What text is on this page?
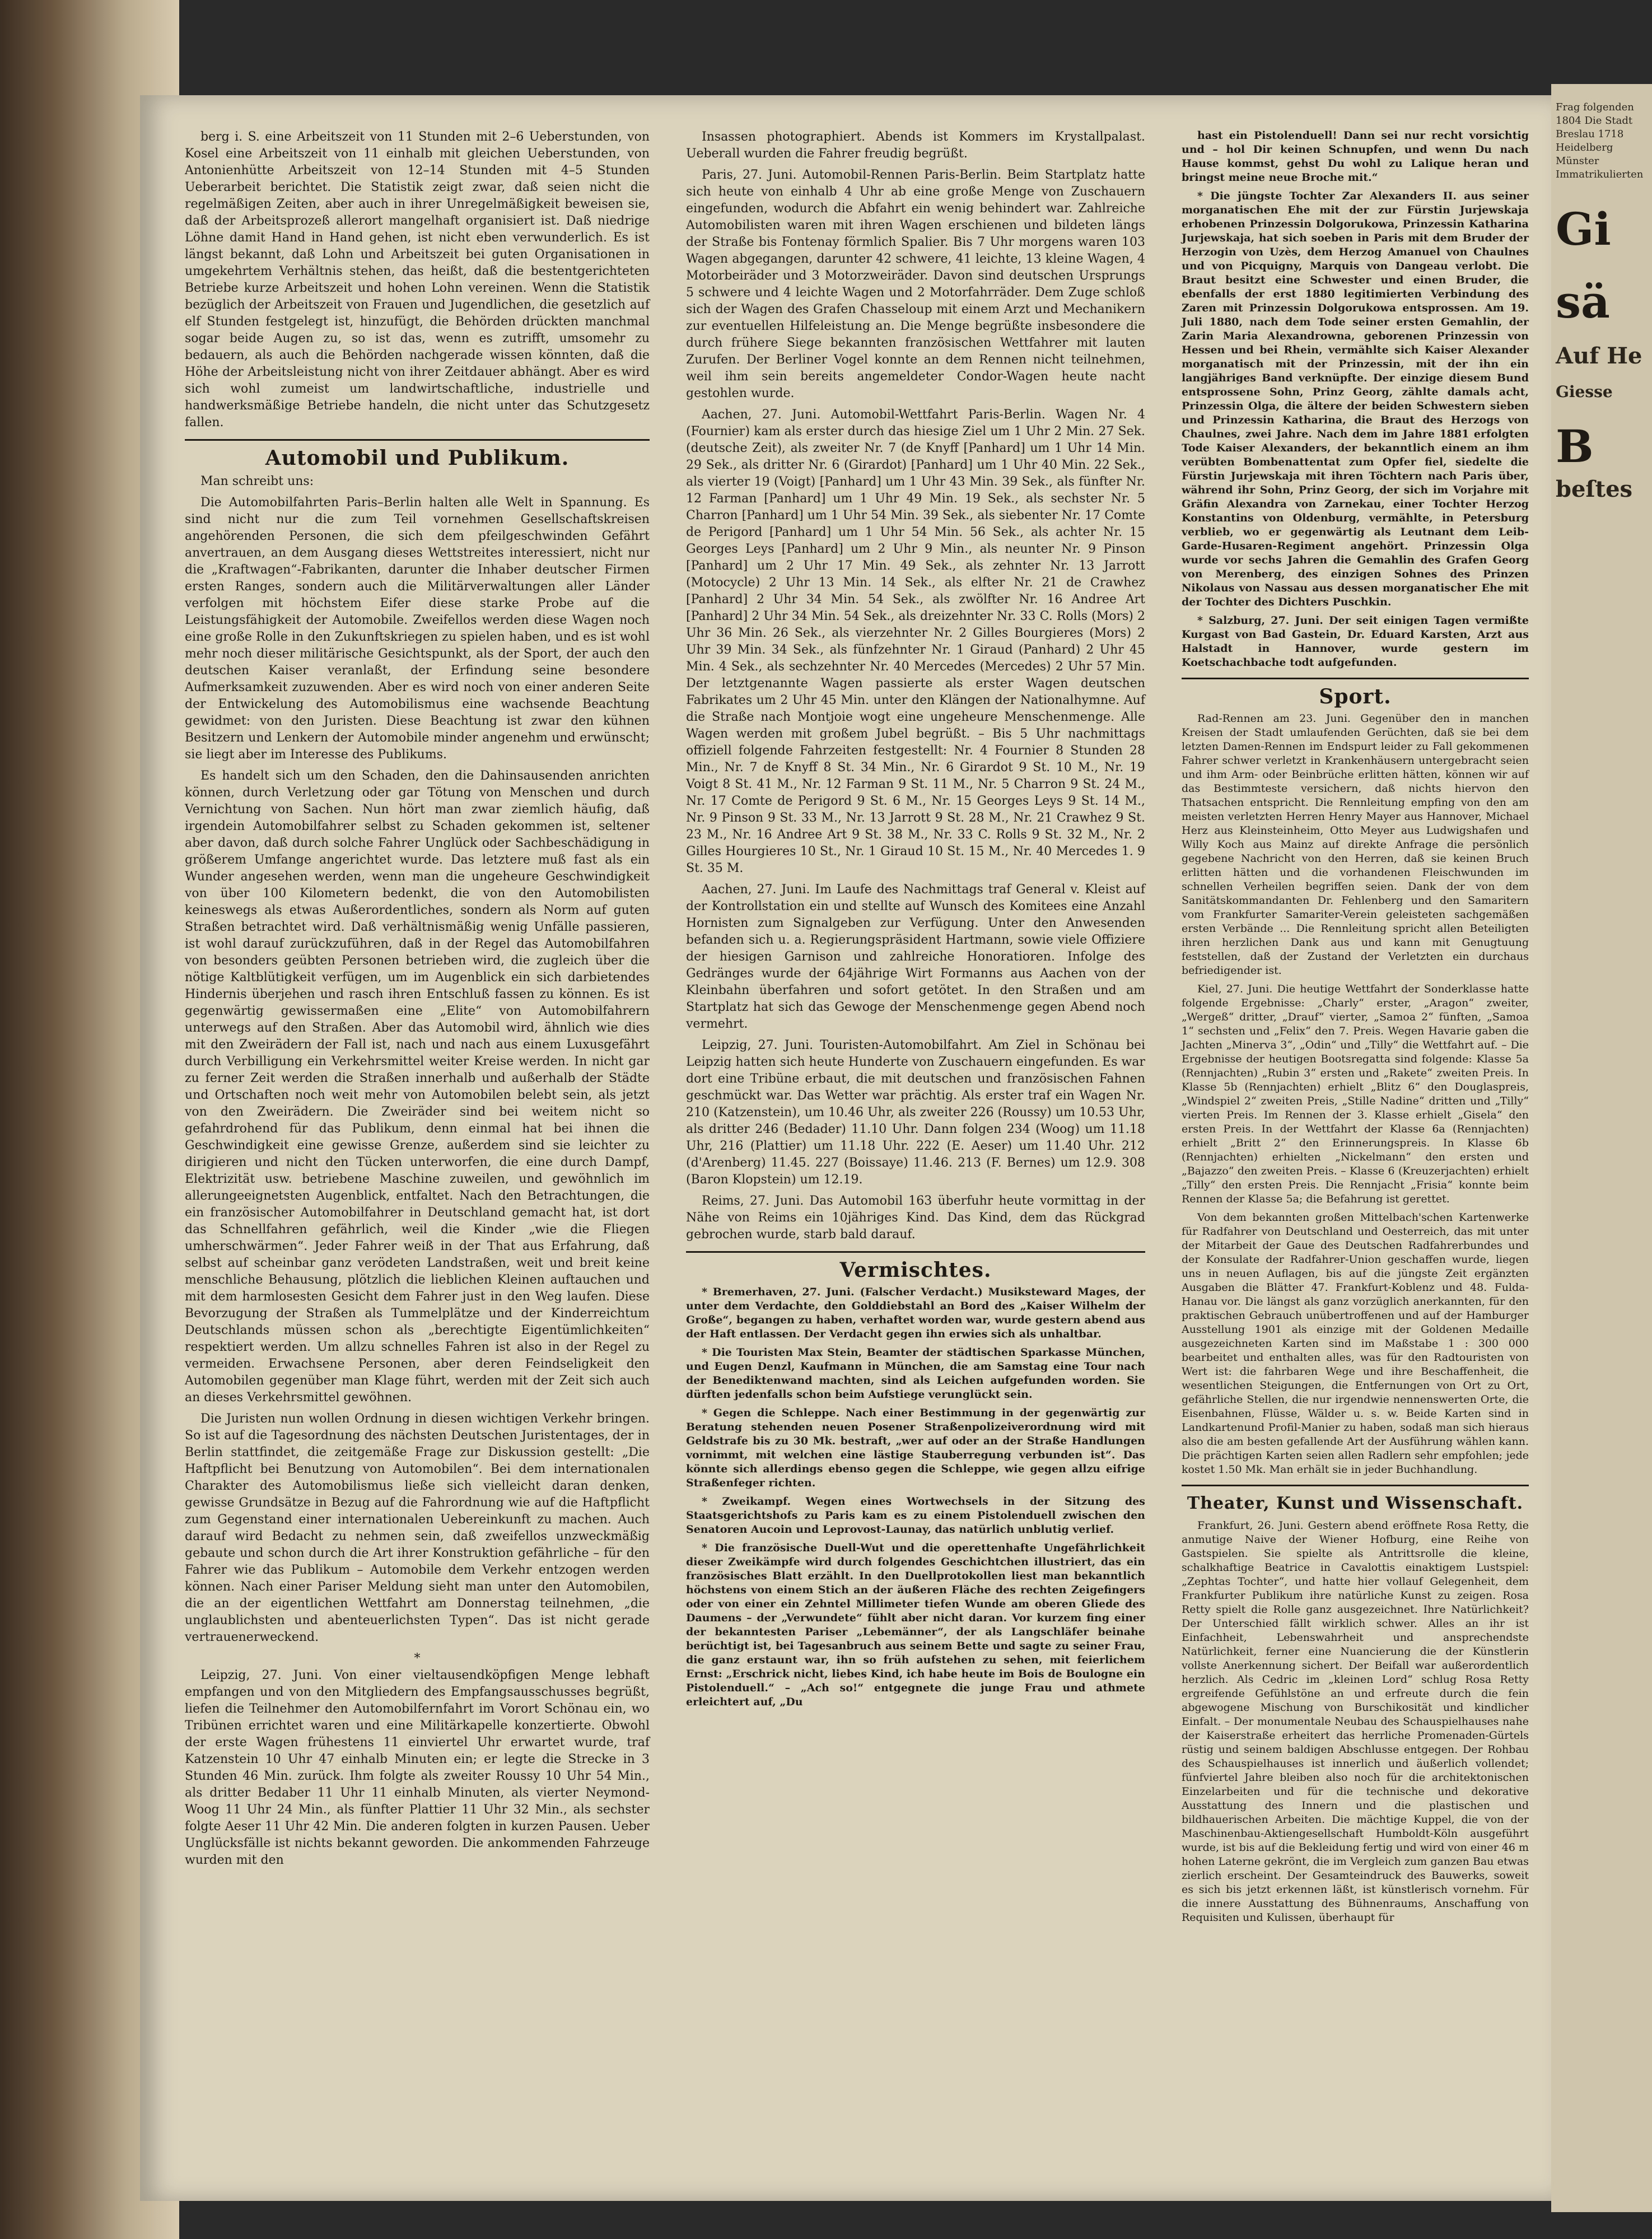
berg i. S. eine Arbeitszeit von 11 Stunden mit 2–6 Ueberstunden, von Kosel eine Arbeitszeit von 11 einhalb mit gleichen Ueberstunden, von Antonienhütte Arbeitszeit von 12–14 Stunden mit 4–5 Stunden Ueberarbeit berichtet. Die Statistik zeigt zwar, daß seien nicht die regelmäßigen Zeiten, aber auch in ihrer Unregelmäßigkeit beweisen sie, daß der Arbeitsprozeß allerort mangelhaft organisiert ist. Daß niedrige Löhne damit Hand in Hand gehen, ist nicht eben verwunderlich. Es ist längst bekannt, daß Lohn und Arbeitszeit bei guten Organisationen in umgekehrtem Verhältnis stehen, das heißt, daß die bestentgerichteten Betriebe kurze Arbeitszeit und hohen Lohn vereinen. Wenn die Statistik bezüglich der Arbeitszeit von Frauen und Jugendlichen, die gesetzlich auf elf Stunden festgelegt ist, hinzufügt, die Behörden drückten manchmal sogar beide Augen zu, so ist das, wenn es zutrifft, umsomehr zu bedauern, als auch die Behörden nachgerade wissen könnten, daß die Höhe der Arbeitsleistung nicht von ihrer Zeitdauer abhängt. Aber es wird sich wohl zumeist um landwirtschaftliche, industrielle und handwerksmäßige Betriebe handeln, die nicht unter das Schutzgesetz fallen.

Automobil und Publikum.

Man schreibt uns:

Die Automobilfahrten Paris–Berlin halten alle Welt in Spannung. Es sind nicht nur die zum Teil vornehmen Gesellschaftskreisen angehörenden Personen, die sich dem pfeilgeschwinden Gefährt anvertrauen, an dem Ausgang dieses Wettstreites interessiert, nicht nur die „Kraftwagen“-Fabrikanten, darunter die Inhaber deutscher Firmen ersten Ranges, sondern auch die Militärverwaltungen aller Länder verfolgen mit höchstem Eifer diese starke Probe auf die Leistungsfähigkeit der Automobile. Zweifellos werden diese Wagen noch eine große Rolle in den Zukunftskriegen zu spielen haben, und es ist wohl mehr noch dieser militärische Gesichtspunkt, als der Sport, der auch den deutschen Kaiser veranlaßt, der Erfindung seine besondere Aufmerksamkeit zuzuwenden. Aber es wird noch von einer anderen Seite der Entwickelung des Automobilismus eine wachsende Beachtung gewidmet: von den Juristen. Diese Beachtung ist zwar den kühnen Besitzern und Lenkern der Automobile minder angenehm und erwünscht; sie liegt aber im Interesse des Publikums.

Es handelt sich um den Schaden, den die Dahinsausenden anrichten können, durch Verletzung oder gar Tötung von Menschen und durch Vernichtung von Sachen. Nun hört man zwar ziemlich häufig, daß irgendein Automobilfahrer selbst zu Schaden gekommen ist, seltener aber davon, daß durch solche Fahrer Unglück oder Sachbeschädigung in größerem Umfange angerichtet wurde. Das letztere muß fast als ein Wunder angesehen werden, wenn man die ungeheure Geschwindigkeit von über 100 Kilometern bedenkt, die von den Automobilisten keineswegs als etwas Außerordentliches, sondern als Norm auf guten Straßen betrachtet wird. Daß verhältnismäßig wenig Unfälle passieren, ist wohl darauf zurückzuführen, daß in der Regel das Automobilfahren von besonders geübten Personen betrieben wird, die zugleich über die nötige Kaltblütigkeit verfügen, um im Augenblick ein sich darbietendes Hindernis überjehen und rasch ihren Entschluß fassen zu können. Es ist gegenwärtig gewissermaßen eine „Elite“ von Automobilfahrern unterwegs auf den Straßen. Aber das Automobil wird, ähnlich wie dies mit den Zweirädern der Fall ist, nach und nach aus einem Luxusgefährt durch Verbilligung ein Verkehrsmittel weiter Kreise werden. In nicht gar zu ferner Zeit werden die Straßen innerhalb und außerhalb der Städte und Ortschaften noch weit mehr von Automobilen belebt sein, als jetzt von den Zweirädern. Die Zweiräder sind bei weitem nicht so gefahrdrohend für das Publikum, denn einmal hat bei ihnen die Geschwindigkeit eine gewisse Grenze, außerdem sind sie leichter zu dirigieren und nicht den Tücken unterworfen, die eine durch Dampf, Elektrizität usw. betriebene Maschine zuweilen, und gewöhnlich im allerungeeignetsten Augenblick, entfaltet. Nach den Betrachtungen, die ein französischer Automobilfahrer in Deutschland gemacht hat, ist dort das Schnellfahren gefährlich, weil die Kinder „wie die Fliegen umherschwärmen“. Jeder Fahrer weiß in der That aus Erfahrung, daß selbst auf scheinbar ganz verödeten Landstraßen, weit und breit keine menschliche Behausung, plötzlich die lieblichen Kleinen auftauchen und mit dem harmlosesten Gesicht dem Fahrer just in den Weg laufen. Diese Bevorzugung der Straßen als Tummelplätze und der Kinderreichtum Deutschlands müssen schon als „berechtigte Eigentümlichkeiten“ respektiert werden. Um allzu schnelles Fahren ist also in der Regel zu vermeiden. Erwachsene Personen, aber deren Feindseligkeit den Automobilen gegenüber man Klage führt, werden mit der Zeit sich auch an dieses Verkehrsmittel gewöhnen.

Die Juristen nun wollen Ordnung in diesen wichtigen Verkehr bringen. So ist auf die Tagesordnung des nächsten Deutschen Juristentages, der in Berlin stattfindet, die zeitgemäße Frage zur Diskussion gestellt: „Die Haftpflicht bei Benutzung von Automobilen“. Bei dem internationalen Charakter des Automobilismus ließe sich vielleicht daran denken, gewisse Grundsätze in Bezug auf die Fahrordnung wie auf die Haftpflicht zum Gegenstand einer internationalen Uebereinkunft zu machen. Auch darauf wird Bedacht zu nehmen sein, daß zweifellos unzweckmäßig gebaute und schon durch die Art ihrer Konstruktion gefährliche – für den Fahrer wie das Publikum – Automobile dem Verkehr entzogen werden können. Nach einer Pariser Meldung sieht man unter den Automobilen, die an der eigentlichen Wettfahrt am Donnerstag teilnehmen, „die unglaublichsten und abenteuerlichsten Typen“. Das ist nicht gerade vertrauenerweckend.

*

Leipzig, 27. Juni. Von einer vieltausendköpfigen Menge lebhaft empfangen und von den Mitgliedern des Empfangsausschusses begrüßt, liefen die Teilnehmer den Automobilfernfahrt im Vorort Schönau ein, wo Tribünen errichtet waren und eine Militärkapelle konzertierte. Obwohl der erste Wagen frühestens 11 einviertel Uhr erwartet wurde, traf Katzenstein 10 Uhr 47 einhalb Minuten ein; er legte die Strecke in 3 Stunden 46 Min. zurück. Ihm folgte als zweiter Roussy 10 Uhr 54 Min., als dritter Bedaber 11 Uhr 11 einhalb Minuten, als vierter Neymond-Woog 11 Uhr 24 Min., als fünfter Plattier 11 Uhr 32 Min., als sechster folgte Aeser 11 Uhr 42 Min. Die anderen folgten in kurzen Pausen. Ueber Unglücksfälle ist nichts bekannt geworden. Die ankommenden Fahrzeuge wurden mit den

Insassen photographiert. Abends ist Kommers im Krystallpalast. Ueberall wurden die Fahrer freudig begrüßt.

Paris, 27. Juni. Automobil-Rennen Paris-Berlin. Beim Startplatz hatte sich heute von einhalb 4 Uhr ab eine große Menge von Zuschauern eingefunden, wodurch die Abfahrt ein wenig behindert war. Zahlreiche Automobilisten waren mit ihren Wagen erschienen und bildeten längs der Straße bis Fontenay förmlich Spalier. Bis 7 Uhr morgens waren 103 Wagen abgegangen, darunter 42 schwere, 41 leichte, 13 kleine Wagen, 4 Motorbeiräder und 3 Motorzweiräder. Davon sind deutschen Ursprungs 5 schwere und 4 leichte Wagen und 2 Motorfahrräder. Dem Zuge schloß sich der Wagen des Grafen Chasseloup mit einem Arzt und Mechanikern zur eventuellen Hilfeleistung an. Die Menge begrüßte insbesondere die durch frühere Siege bekannten französischen Wettfahrer mit lauten Zurufen. Der Berliner Vogel konnte an dem Rennen nicht teilnehmen, weil ihm sein bereits angemeldeter Condor-Wagen heute nacht gestohlen wurde.

Aachen, 27. Juni. Automobil-Wettfahrt Paris-Berlin. Wagen Nr. 4 (Fournier) kam als erster durch das hiesige Ziel um 1 Uhr 2 Min. 27 Sek. (deutsche Zeit), als zweiter Nr. 7 (de Knyff [Panhard] um 1 Uhr 14 Min. 29 Sek., als dritter Nr. 6 (Girardot) [Panhard] um 1 Uhr 40 Min. 22 Sek., als vierter 19 (Voigt) [Panhard] um 1 Uhr 43 Min. 39 Sek., als fünfter Nr. 12 Farman [Panhard] um 1 Uhr 49 Min. 19 Sek., als sechster Nr. 5 Charron [Panhard] um 1 Uhr 54 Min. 39 Sek., als siebenter Nr. 17 Comte de Perigord [Panhard] um 1 Uhr 54 Min. 56 Sek., als achter Nr. 15 Georges Leys [Panhard] um 2 Uhr 9 Min., als neunter Nr. 9 Pinson [Panhard] um 2 Uhr 17 Min. 49 Sek., als zehnter Nr. 13 Jarrott (Motocycle) 2 Uhr 13 Min. 14 Sek., als elfter Nr. 21 de Crawhez [Panhard] 2 Uhr 34 Min. 54 Sek., als zwölfter Nr. 16 Andree Art [Panhard] 2 Uhr 34 Min. 54 Sek., als dreizehnter Nr. 33 C. Rolls (Mors) 2 Uhr 36 Min. 26 Sek., als vierzehnter Nr. 2 Gilles Bourgieres (Mors) 2 Uhr 39 Min. 34 Sek., als fünfzehnter Nr. 1 Giraud (Panhard) 2 Uhr 45 Min. 4 Sek., als sechzehnter Nr. 40 Mercedes (Mercedes) 2 Uhr 57 Min. Der letztgenannte Wagen passierte als erster Wagen deutschen Fabrikates um 2 Uhr 45 Min. unter den Klängen der Nationalhymne. Auf die Straße nach Montjoie wogt eine ungeheure Menschenmenge. Alle Wagen werden mit großem Jubel begrüßt. – Bis 5 Uhr nachmittags offiziell folgende Fahrzeiten festgestellt: Nr. 4 Fournier 8 Stunden 28 Min., Nr. 7 de Knyff 8 St. 34 Min., Nr. 6 Girardot 9 St. 10 M., Nr. 19 Voigt 8 St. 41 M., Nr. 12 Farman 9 St. 11 M., Nr. 5 Charron 9 St. 24 M., Nr. 17 Comte de Perigord 9 St. 6 M., Nr. 15 Georges Leys 9 St. 14 M., Nr. 9 Pinson 9 St. 33 M., Nr. 13 Jarrott 9 St. 28 M., Nr. 21 Crawhez 9 St. 23 M., Nr. 16 Andree Art 9 St. 38 M., Nr. 33 C. Rolls 9 St. 32 M., Nr. 2 Gilles Hourgieres 10 St., Nr. 1 Giraud 10 St. 15 M., Nr. 40 Mercedes 1. 9 St. 35 M.

Aachen, 27. Juni. Im Laufe des Nachmittags traf General v. Kleist auf der Kontrollstation ein und stellte auf Wunsch des Komitees eine Anzahl Hornisten zum Signalgeben zur Verfügung. Unter den Anwesenden befanden sich u. a. Regierungspräsident Hartmann, sowie viele Offiziere der hiesigen Garnison und zahlreiche Honoratioren. Infolge des Gedränges wurde der 64jährige Wirt Formanns aus Aachen von der Kleinbahn überfahren und sofort getötet. In den Straßen und am Startplatz hat sich das Gewoge der Menschenmenge gegen Abend noch vermehrt.

Leipzig, 27. Juni. Touristen-Automobilfahrt. Am Ziel in Schönau bei Leipzig hatten sich heute Hunderte von Zuschauern eingefunden. Es war dort eine Tribüne erbaut, die mit deutschen und französischen Fahnen geschmückt war. Das Wetter war prächtig. Als erster traf ein Wagen Nr. 210 (Katzenstein), um 10.46 Uhr, als zweiter 226 (Roussy) um 10.53 Uhr, als dritter 246 (Bedader) 11.10 Uhr. Dann folgen 234 (Woog) um 11.18 Uhr, 216 (Plattier) um 11.18 Uhr. 222 (E. Aeser) um 11.40 Uhr. 212 (d'Arenberg) 11.45. 227 (Boissaye) 11.46. 213 (F. Bernes) um 12.9. 308 (Baron Klopstein) um 12.19.

Reims, 27. Juni. Das Automobil 163 überfuhr heute vormittag in der Nähe von Reims ein 10jähriges Kind. Das Kind, dem das Rückgrad gebrochen wurde, starb bald darauf.

Vermischtes.

* Bremerhaven, 27. Juni. (Falscher Verdacht.) Musiksteward Mages, der unter dem Verdachte, den Golddiebstahl an Bord des „Kaiser Wilhelm der Große“, begangen zu haben, verhaftet worden war, wurde gestern abend aus der Haft entlassen. Der Verdacht gegen ihn erwies sich als unhaltbar.

* Die Touristen Max Stein, Beamter der städtischen Sparkasse München, und Eugen Denzl, Kaufmann in München, die am Samstag eine Tour nach der Benediktenwand machten, sind als Leichen aufgefunden worden. Sie dürften jedenfalls schon beim Aufstiege verunglückt sein.

* Gegen die Schleppe. Nach einer Bestimmung in der gegenwärtig zur Beratung stehenden neuen Posener Straßenpolizeiverordnung wird mit Geldstrafe bis zu 30 Mk. bestraft, „wer auf oder an der Straße Handlungen vornimmt, mit welchen eine lästige Stauberregung verbunden ist“. Das könnte sich allerdings ebenso gegen die Schleppe, wie gegen allzu eifrige Straßenfeger richten.

* Zweikampf. Wegen eines Wortwechsels in der Sitzung des Staatsgerichtshofs zu Paris kam es zu einem Pistolenduell zwischen den Senatoren Aucoin und Leprovost-Launay, das natürlich unblutig verlief.

* Die französische Duell-Wut und die operettenhafte Ungefährlichkeit dieser Zweikämpfe wird durch folgendes Geschichtchen illustriert, das ein französisches Blatt erzählt. In den Duellprotokollen liest man bekanntlich höchstens von einem Stich an der äußeren Fläche des rechten Zeigefingers oder von einer ein Zehntel Millimeter tiefen Wunde am oberen Gliede des Daumens – der „Verwundete“ fühlt aber nicht daran. Vor kurzem fing einer der bekanntesten Pariser „Lebemänner“, der als Langschläfer beinahe berüchtigt ist, bei Tagesanbruch aus seinem Bette und sagte zu seiner Frau, die ganz erstaunt war, ihn so früh aufstehen zu sehen, mit feierlichem Ernst: „Erschrick nicht, liebes Kind, ich habe heute im Bois de Boulogne ein Pistolenduell.“ – „Ach so!“ entgegnete die junge Frau und athmete erleichtert auf, „Du

hast ein Pistolenduell! Dann sei nur recht vorsichtig und – hol Dir keinen Schnupfen, und wenn Du nach Hause kommst, gehst Du wohl zu Lalique heran und bringst meine neue Broche mit.“

* Die jüngste Tochter Zar Alexanders II. aus seiner morganatischen Ehe mit der zur Fürstin Jurjewskaja erhobenen Prinzessin Dolgorukowa, Prinzessin Katharina Jurjewskaja, hat sich soeben in Paris mit dem Bruder der Herzogin von Uzès, dem Herzog Amanuel von Chaulnes und von Picquigny, Marquis von Dangeau verlobt. Die Braut besitzt eine Schwester und einen Bruder, die ebenfalls der erst 1880 legitimierten Verbindung des Zaren mit Prinzessin Dolgorukowa entsprossen. Am 19. Juli 1880, nach dem Tode seiner ersten Gemahlin, der Zarin Maria Alexandrowna, geborenen Prinzessin von Hessen und bei Rhein, vermählte sich Kaiser Alexander morganatisch mit der Prinzessin, mit der ihn ein langjähriges Band verknüpfte. Der einzige diesem Bund entsprossene Sohn, Prinz Georg, zählte damals acht, Prinzessin Olga, die ältere der beiden Schwestern sieben und Prinzessin Katharina, die Braut des Herzogs von Chaulnes, zwei Jahre. Nach dem im Jahre 1881 erfolgten Tode Kaiser Alexanders, der bekanntlich einem an ihm verübten Bombenattentat zum Opfer fiel, siedelte die Fürstin Jurjewskaja mit ihren Töchtern nach Paris über, während ihr Sohn, Prinz Georg, der sich im Vorjahre mit Gräfin Alexandra von Zarnekau, einer Tochter Herzog Konstantins von Oldenburg, vermählte, in Petersburg verblieb, wo er gegenwärtig als Leutnant dem Leib-Garde-Husaren-Regiment angehört. Prinzessin Olga wurde vor sechs Jahren die Gemahlin des Grafen Georg von Merenberg, des einzigen Sohnes des Prinzen Nikolaus von Nassau aus dessen morganatischer Ehe mit der Tochter des Dichters Puschkin.

* Salzburg, 27. Juni. Der seit einigen Tagen vermißte Kurgast von Bad Gastein, Dr. Eduard Karsten, Arzt aus Halstadt in Hannover, wurde gestern im Koetschachbache todt aufgefunden.

Sport.

Rad-Rennen am 23. Juni. Gegenüber den in manchen Kreisen der Stadt umlaufenden Gerüchten, daß sie bei dem letzten Damen-Rennen im Endspurt leider zu Fall gekommenen Fahrer schwer verletzt in Krankenhäusern untergebracht seien und ihm Arm- oder Beinbrüche erlitten hätten, können wir auf das Bestimmteste versichern, daß nichts hiervon den Thatsachen entspricht. Die Rennleitung empfing von den am meisten verletzten Herren Henry Mayer aus Hannover, Michael Herz aus Kleinsteinheim, Otto Meyer aus Ludwigshafen und Willy Koch aus Mainz auf direkte Anfrage die persönlich gegebene Nachricht von den Herren, daß sie keinen Bruch erlitten hätten und die vorhandenen Fleischwunden im schnellen Verheilen begriffen seien. Dank der von dem Sanitätskommandanten Dr. Fehlenberg und den Samaritern vom Frankfurter Samariter-Verein geleisteten sachgemäßen ersten Verbände ... Die Rennleitung spricht allen Beteiligten ihren herzlichen Dank aus und kann mit Genugtuung feststellen, daß der Zustand der Verletzten ein durchaus befriedigender ist.

Kiel, 27. Juni. Die heutige Wettfahrt der Sonderklasse hatte folgende Ergebnisse: „Charly“ erster, „Aragon“ zweiter, „Wergeß“ dritter, „Drauf“ vierter, „Samoa 2“ fünften, „Samoa 1“ sechsten und „Felix“ den 7. Preis. Wegen Havarie gaben die Jachten „Minerva 3“, „Odin“ und „Tilly“ die Wettfahrt auf. – Die Ergebnisse der heutigen Bootsregatta sind folgende: Klasse 5a (Rennjachten) „Rubin 3“ ersten und „Rakete“ zweiten Preis. In Klasse 5b (Rennjachten) erhielt „Blitz 6“ den Douglaspreis, „Windspiel 2“ zweiten Preis, „Stille Nadine“ dritten und „Tilly“ vierten Preis. Im Rennen der 3. Klasse erhielt „Gisela“ den ersten Preis. In der Wettfahrt der Klasse 6a (Rennjachten) erhielt „Britt 2“ den Erinnerungspreis. In Klasse 6b (Rennjachten) erhielten „Nickelmann“ den ersten und „Bajazzo“ den zweiten Preis. – Klasse 6 (Kreuzerjachten) erhielt „Tilly“ den ersten Preis. Die Rennjacht „Frisia“ konnte beim Rennen der Klasse 5a; die Befahrung ist gerettet.

Von dem bekannten großen Mittelbach'schen Kartenwerke für Radfahrer von Deutschland und Oesterreich, das mit unter der Mitarbeit der Gaue des Deutschen Radfahrerbundes und der Konsulate der Radfahrer-Union geschaffen wurde, liegen uns in neuen Auflagen, bis auf die jüngste Zeit ergänzten Ausgaben die Blätter 47. Frankfurt-Koblenz und 48. Fulda-Hanau vor. Die längst als ganz vorzüglich anerkannten, für den praktischen Gebrauch unübertroffenen und auf der Hamburger Ausstellung 1901 als einzige mit der Goldenen Medaille ausgezeichneten Karten sind im Maßstabe 1 : 300 000 bearbeitet und enthalten alles, was für den Radtouristen von Wert ist: die fahrbaren Wege und ihre Beschaffenheit, die wesentlichen Steigungen, die Entfernungen von Ort zu Ort, gefährliche Stellen, die nur irgendwie nennenswerten Orte, die Eisenbahnen, Flüsse, Wälder u. s. w. Beide Karten sind in Landkartenund Profil-Manier zu haben, sodaß man sich hieraus also die am besten gefallende Art der Ausführung wählen kann. Die prächtigen Karten seien allen Radlern sehr empfohlen; jede kostet 1.50 Mk. Man erhält sie in jeder Buchhandlung.

Theater, Kunst und Wissenschaft.

Frankfurt, 26. Juni. Gestern abend eröffnete Rosa Retty, die anmutige Naive der Wiener Hofburg, eine Reihe von Gastspielen. Sie spielte als Antrittsrolle die kleine, schalkhaftige Beatrice in Cavalottis einaktigem Lustspiel: „Zephtas Tochter“, und hatte hier vollauf Gelegenheit, dem Frankfurter Publikum ihre natürliche Kunst zu zeigen. Rosa Retty spielt die Rolle ganz ausgezeichnet. Ihre Natürlichkeit? Der Unterschied fällt wirklich schwer. Alles an ihr ist Einfachheit, Lebenswahrheit und ansprechendste Natürlichkeit, ferner eine Nuancierung die der Künstlerin vollste Anerkennung sichert. Der Beifall war außerordentlich herzlich. Als Cedric im „kleinen Lord“ schlug Rosa Retty ergreifende Gefühlstöne an und erfreute durch die fein abgewogene Mischung von Burschikosität und kindlicher Einfalt. – Der monumentale Neubau des Schauspielhauses nahe der Kaiserstraße erheitert das herrliche Promenaden-Gürtels rüstig und seinem baldigen Abschlusse entgegen. Der Rohbau des Schauspielhauses ist innerlich und äußerlich vollendet; fünfviertel Jahre bleiben also noch für die architektonischen Einzelarbeiten und für die technische und dekorative Ausstattung des Innern und die plastischen und bildhauerischen Arbeiten. Die mächtige Kuppel, die von der Maschinenbau-Aktiengesellschaft Humboldt-Köln ausgeführt wurde, ist bis auf die Bekleidung fertig und wird von einer 46 m hohen Laterne gekrönt, die im Vergleich zum ganzen Bau etwas zierlich erscheint. Der Gesamteindruck des Bauwerks, soweit es sich bis jetzt erkennen läßt, ist künstlerisch vornehm. Für die innere Ausstattung des Bühnenraums, Anschaffung von Requisiten und Kulissen, überhaupt für

Frag folgenden 1804 Die Stadt Breslau 1718 Heidelberg Münster Immatrikulierten
Gi
sä
Auf He
Giesse
B
beſtes
